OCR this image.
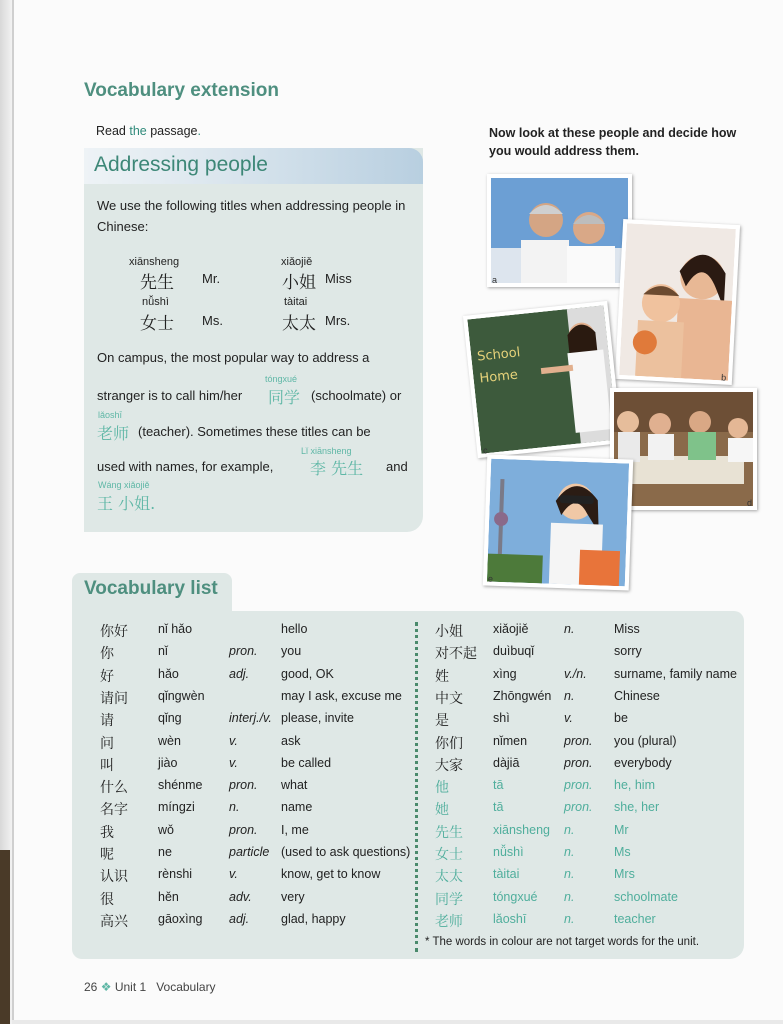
Vocabulary extension
Read the passage.
Addressing people
We use the following titles when addressing people in Chinese:
xiānsheng
先生 Mr.
xiǎojiě
小姐 Miss
nǚshì
女士 Ms.
tàitai
太太 Mrs.
On campus, the most popular way to address a
tóngxué
stranger is to call him/her 同学 (schoolmate) or
lǎoshī
老师 (teacher). Sometimes these titles can be
Lǐ xiānsheng
used with names, for example, 李 先生 and
Wáng xiǎojiě
王 小姐.
Now look at these people and decide how you would address them.
a
b
School
Home
c
d
e
Vocabulary list
你好 nǐ hǎo	hello
你	nǐ	pron. you
好	hǎo	adj.	good, OK
请问 qǐngwèn	may I ask, excuse me
请	qǐng	interj./v. please, invite
问	wèn	v.	ask
叫	jiào	v.	be called
什么 shénme pron. what
名字 míngzi	n.	name
我	wǒ	pron. I, me
呢	ne	particle (used to ask questions)
认识 rènshi	v.	know, get to know
很	hěn	adv. very
高兴 gāoxìng adj.	glad, happy
小姐 xiǎojiě	n.	Miss
对不起 duìbuqǐ	sorry
姓	xìng	v./n. surname, family name
中文 Zhōngwén n.	Chinese
是	shì	v.	be
你们 nǐmen	pron. you (plural)
大家 dàjiā	pron. everybody
他	tā	pron. he, him
她	tā	pron. she, her
先生 xiānsheng n.	Mr
女士 nǚshì	n.	Ms
太太 tàitai	n.	Mrs
同学 tóngxué n.	schoolmate
老师 lǎoshī	n.	teacher
* The words in colour are not target words for the unit.
26 ❖ Unit 1 Vocabulary
